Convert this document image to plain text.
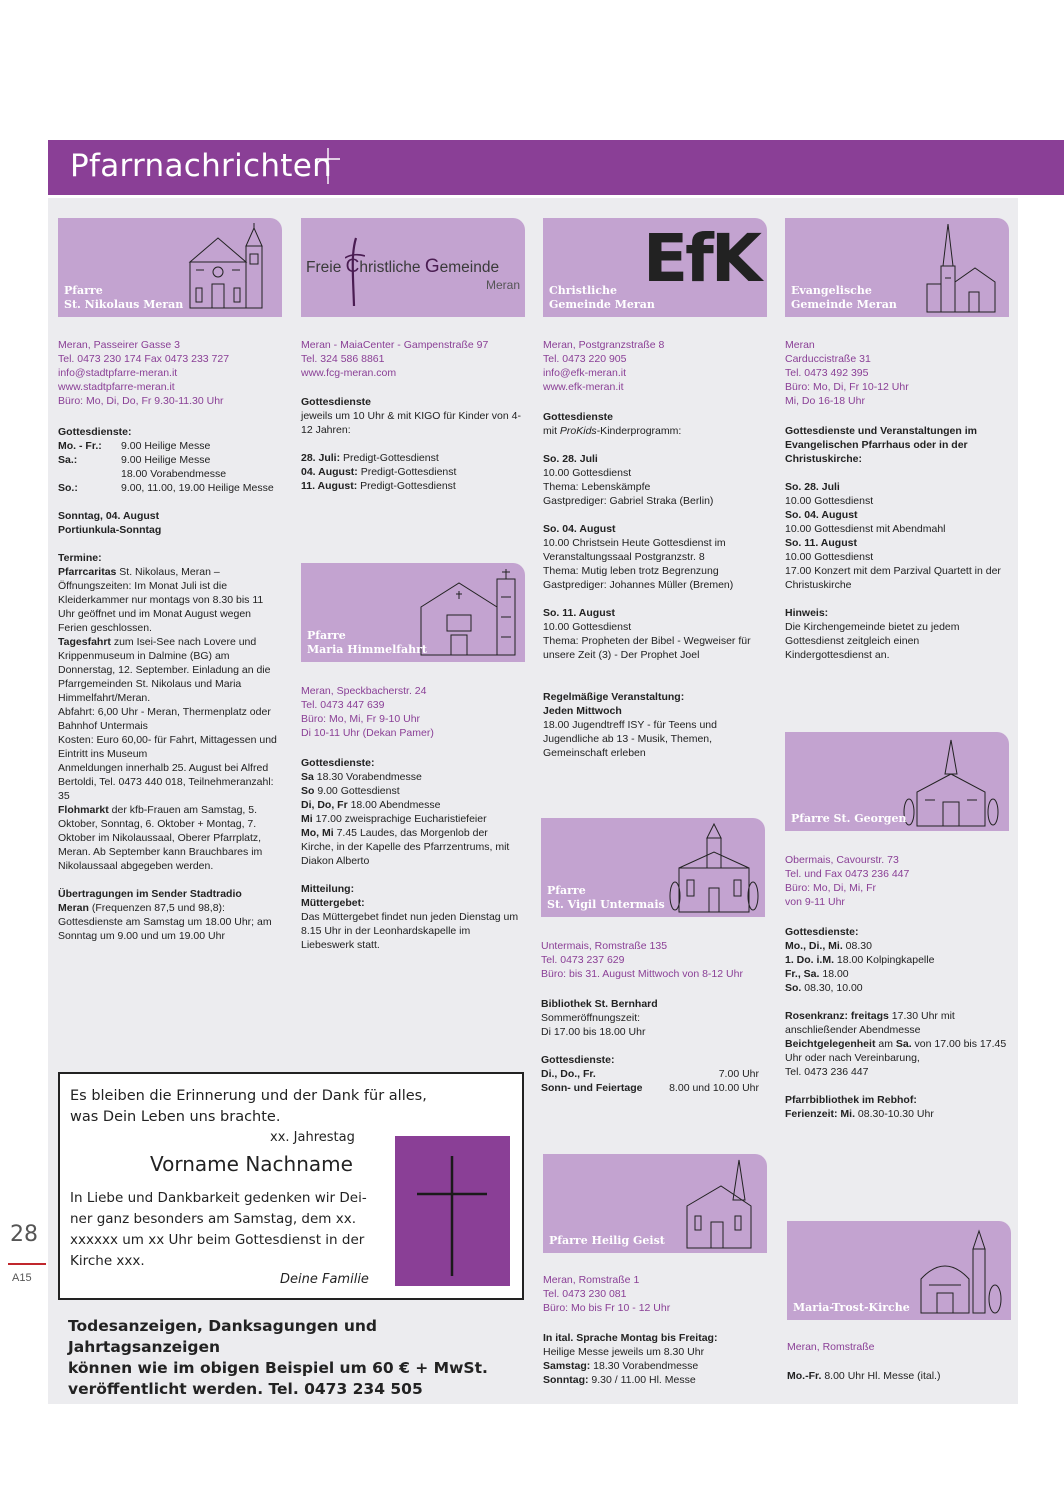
Pfarrnachrichten
Pfarre
St. Nikolaus Meran
Meran, Passeirer Gasse 3
Tel. 0473 230 174 Fax 0473 233 727
info@stadtpfarre-meran.it
www.stadtpfarre-meran.it
Büro: Mo, Di, Do, Fr 9.30-11.30 Uhr
Gottesdienste:
Mo. - Fr.:	9.00 Heilige Messe
Sa.:	9.00 Heilige Messe
18.00 Vorabendmesse
So.:	9.00, 11.00, 19.00 Heilige Messe
Sonntag, 04. August
Portiunkula-Sonntag
Termine:
Pfarrcaritas St. Nikolaus, Meran – Öffnungszeiten: Im Monat Juli ist die Kleiderkammer nur montags von 8.30 bis 11 Uhr geöffnet und im Monat August wegen Ferien geschlossen.
Tagesfahrt zum Isei-See nach Lovere und Krippenmuseum in Dalmine (BG) am Donnerstag, 12. September. Einladung an die Pfarrgemeinden St. Nikolaus und Maria Himmelfahrt/Meran.
Abfahrt: 6,00 Uhr - Meran, Thermenplatz oder Bahnhof Untermais
Kosten: Euro 60,00- für Fahrt, Mittagessen und Eintritt ins Museum
Anmeldungen innerhalb 25. August bei Alfred Bertoldi, Tel. 0473 440 018, Teilnehmeranzahl: 35
Flohmarkt der kfb-Frauen am Samstag, 5. Oktober, Sonntag, 6. Oktober + Montag, 7. Oktober im Nikolaussaal, Oberer Pfarrplatz, Meran. Ab September kann Brauchbares im Nikolaussaal abgegeben werden.
Übertragungen im Sender Stadtradio
Meran (Frequenzen 87,5 und 98,8): Gottesdienste am Samstag um 18.00 Uhr; am Sonntag um 9.00 und um 19.00 Uhr
Freie Christliche Gemeinde
Meran
Meran - MaiaCenter - Gampenstraße 97
Tel. 324 586 8861
www.fcg-meran.com
Gottesdienste
jeweils um 10 Uhr & mit KIGO für Kinder von 4-12 Jahren:
28. Juli: Predigt-Gottesdienst
04. August: Predigt-Gottesdienst
11. August: Predigt-Gottesdienst
Pfarre
Maria Himmelfahrt
Meran, Speckbacherstr. 24
Tel. 0473 447 639
Büro: Mo, Mi, Fr 9-10 Uhr
Di 10-11 Uhr (Dekan Pamer)
Gottesdienste:
Sa 18.30 Vorabendmesse
So 9.00 Gottesdienst
Di, Do, Fr 18.00 Abendmesse
Mi 17.00 zweisprachige Eucharistiefeier
Mo, Mi 7.45 Laudes, das Morgenlob der Kirche, in der Kapelle des Pfarrzentrums, mit Diakon Alberto
Mitteilung:
Müttergebet:
Das Müttergebet findet nun jeden Dienstag um 8.15 Uhr in der Leonhardskapelle im Liebeswerk statt.
EfK
Christliche
Gemeinde Meran
Meran, Postgranzstraße 8
Tel. 0473 220 905
info@efk-meran.it
www.efk-meran.it
Gottesdienste
mit ProKids-Kinderprogramm:
So. 28. Juli
10.00 Gottesdienst
Thema: Lebenskämpfe
Gastprediger: Gabriel Straka (Berlin)
So. 04. August
10.00 Christsein Heute Gottesdienst im Veranstaltungssaal Postgranzstr. 8
Thema: Mutig leben trotz Begrenzung
Gastprediger: Johannes Müller (Bremen)
So. 11. August
10.00 Gottesdienst
Thema: Propheten der Bibel - Wegweiser für unsere Zeit (3) - Der Prophet Joel
Regelmäßige Veranstaltung:
Jeden Mittwoch
18.00 Jugendtreff ISY - für Teens und Jugendliche ab 13 - Musik, Themen, Gemeinschaft erleben
Pfarre
St. Vigil Untermais
Untermais, Romstraße 135
Tel. 0473 237 629
Büro: bis 31. August Mittwoch von 8-12 Uhr
Bibliothek St. Bernhard
Sommeröffnungszeit:
Di 17.00 bis 18.00 Uhr
Gottesdienste:
Di., Do., Fr.	7.00 Uhr
Sonn- und Feiertage	8.00 und 10.00 Uhr
Pfarre Heilig Geist
Meran, Romstraße 1
Tel. 0473 230 081
Büro: Mo bis Fr 10 - 12 Uhr
In ital. Sprache Montag bis Freitag:
Heilige Messe jeweils um 8.30 Uhr
Samstag: 18.30 Vorabendmesse
Sonntag: 9.30 / 11.00 Hl. Messe
Evangelische
Gemeinde Meran
Meran
Carduccistraße 31
Tel. 0473 492 395
Büro: Mo, Di, Fr 10-12 Uhr
Mi, Do 16-18 Uhr
Gottesdienste und Veranstaltungen im Evangelischen Pfarrhaus oder in der Christuskirche:
So. 28. Juli
10.00 Gottesdienst
So. 04. August
10.00 Gottesdienst mit Abendmahl
So. 11. August
10.00 Gottesdienst
17.00 Konzert mit dem Parzival Quartett in der Christuskirche
Hinweis:
Die Kirchengemeinde bietet zu jedem Gottesdienst zeitgleich einen Kindergottesdienst an.
Pfarre St. Georgen
Obermais, Cavourstr. 73
Tel. und Fax 0473 236 447
Büro: Mo, Di, Mi, Fr
von 9-11 Uhr
Gottesdienste:
Mo., Di., Mi. 08.30
1. Do. i.M. 18.00 Kolpingkapelle
Fr., Sa. 18.00
So. 08.30, 10.00
Rosenkranz: freitags 17.30 Uhr mit anschließender Abendmesse
Beichtgelegenheit am Sa. von 17.00 bis 17.45 Uhr oder nach Vereinbarung,
Tel. 0473 236 447
Pfarrbibliothek im Rebhof:
Ferienzeit: Mi. 08.30-10.30 Uhr
Maria-Trost-Kirche
Meran, Romstraße
Mo.-Fr. 8.00 Uhr Hl. Messe (ital.)
Es bleiben die Erinnerung und der Dank für alles,
was Dein Leben uns brachte.
xx. Jahrestag
Vorname Nachname
In Liebe und Dankbarkeit gedenken wir Dei-
ner ganz besonders am Samstag, dem xx.
xxxxxx um xx Uhr beim Gottesdienst in der
Kirche xxx.
Deine Familie
Todesanzeigen, Danksagungen und Jahrtagsanzeigen
können wie im obigen Beispiel um 60 € + MwSt.
veröffentlicht werden. Tel. 0473 234 505
28
A15
